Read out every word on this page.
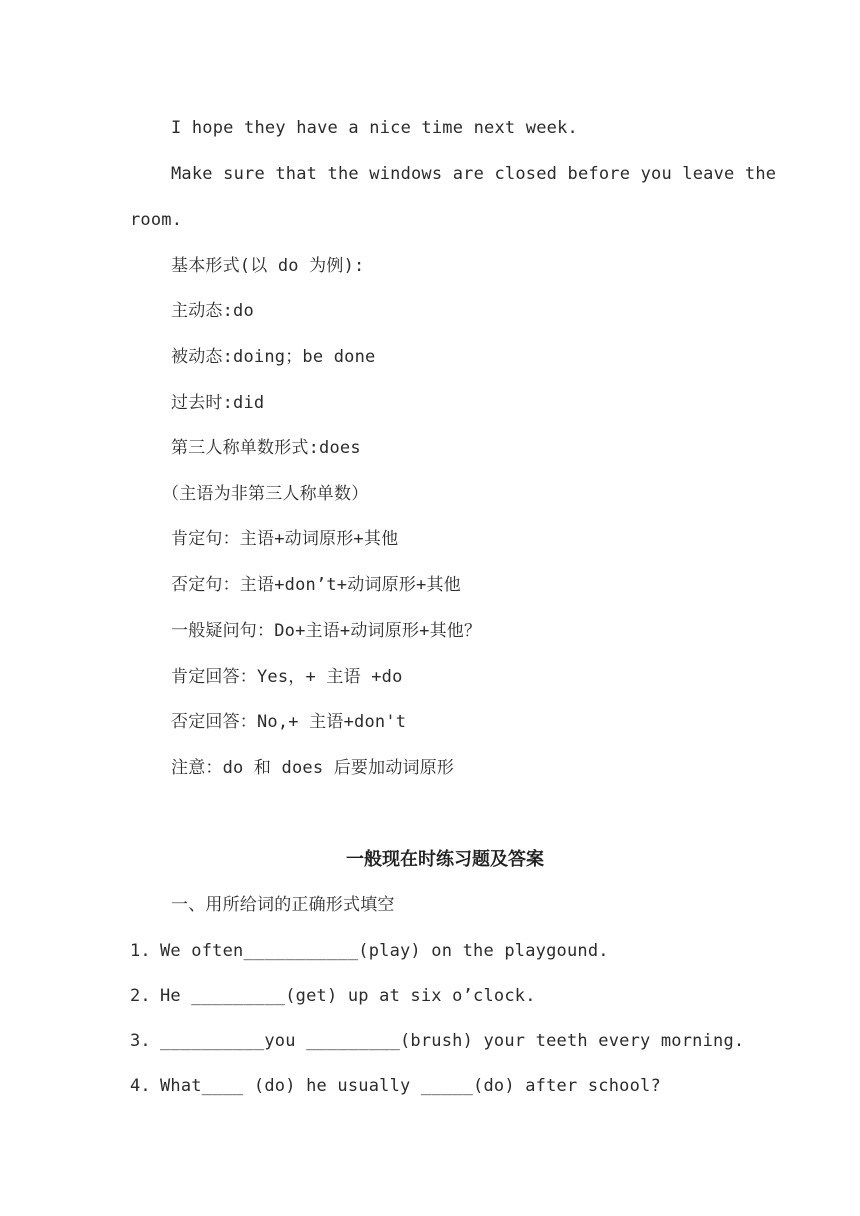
I hope they have a nice time next week.
Make sure that the windows are closed before you leave the
room.
基本形式(以 do 为例):
主动态:do
被动态:doing；be done
过去时:did
第三人称单数形式:does
（主语为非第三人称单数）
肯定句：主语+动词原形+其他
否定句：主语+don’t+动词原形+其他
一般疑问句：Do+主语+动词原形+其他？
肯定回答：Yes，+ 主语 +do
否定回答：No,+ 主语+don't
注意：do 和 does 后要加动词原形
一般现在时练习题及答案
一、用所给词的正确形式填空
1. We often___________(play) on the playgound.
2. He _________(get) up at six o’clock.
3. __________you _________(brush) your teeth every morning.
4. What____ (do) he usually _____(do) after school?
